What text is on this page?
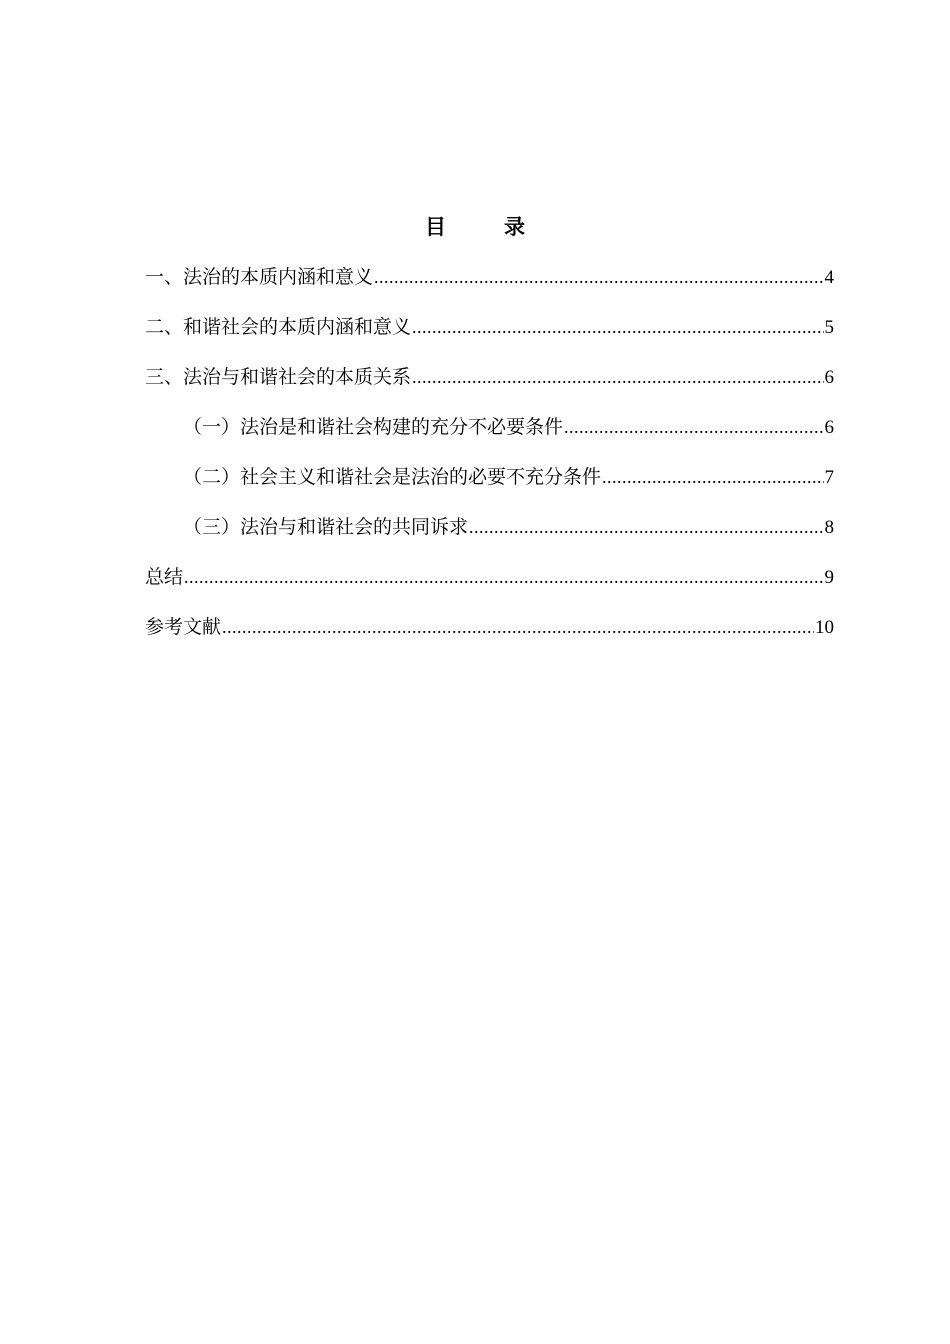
目	录
一、法治的本质内涵和意义 .....	4
二、和谐社会的本质内涵和意义 .....	5
三、法治与和谐社会的本质关系 .....	6
（一）法治是和谐社会构建的充分不必要条件 .....	6
（二）社会主义和谐社会是法治的必要不充分条件 .....	7
（三）法治与和谐社会的共同诉求 .....	8
总结 .....	9
参考文献 .....	10
